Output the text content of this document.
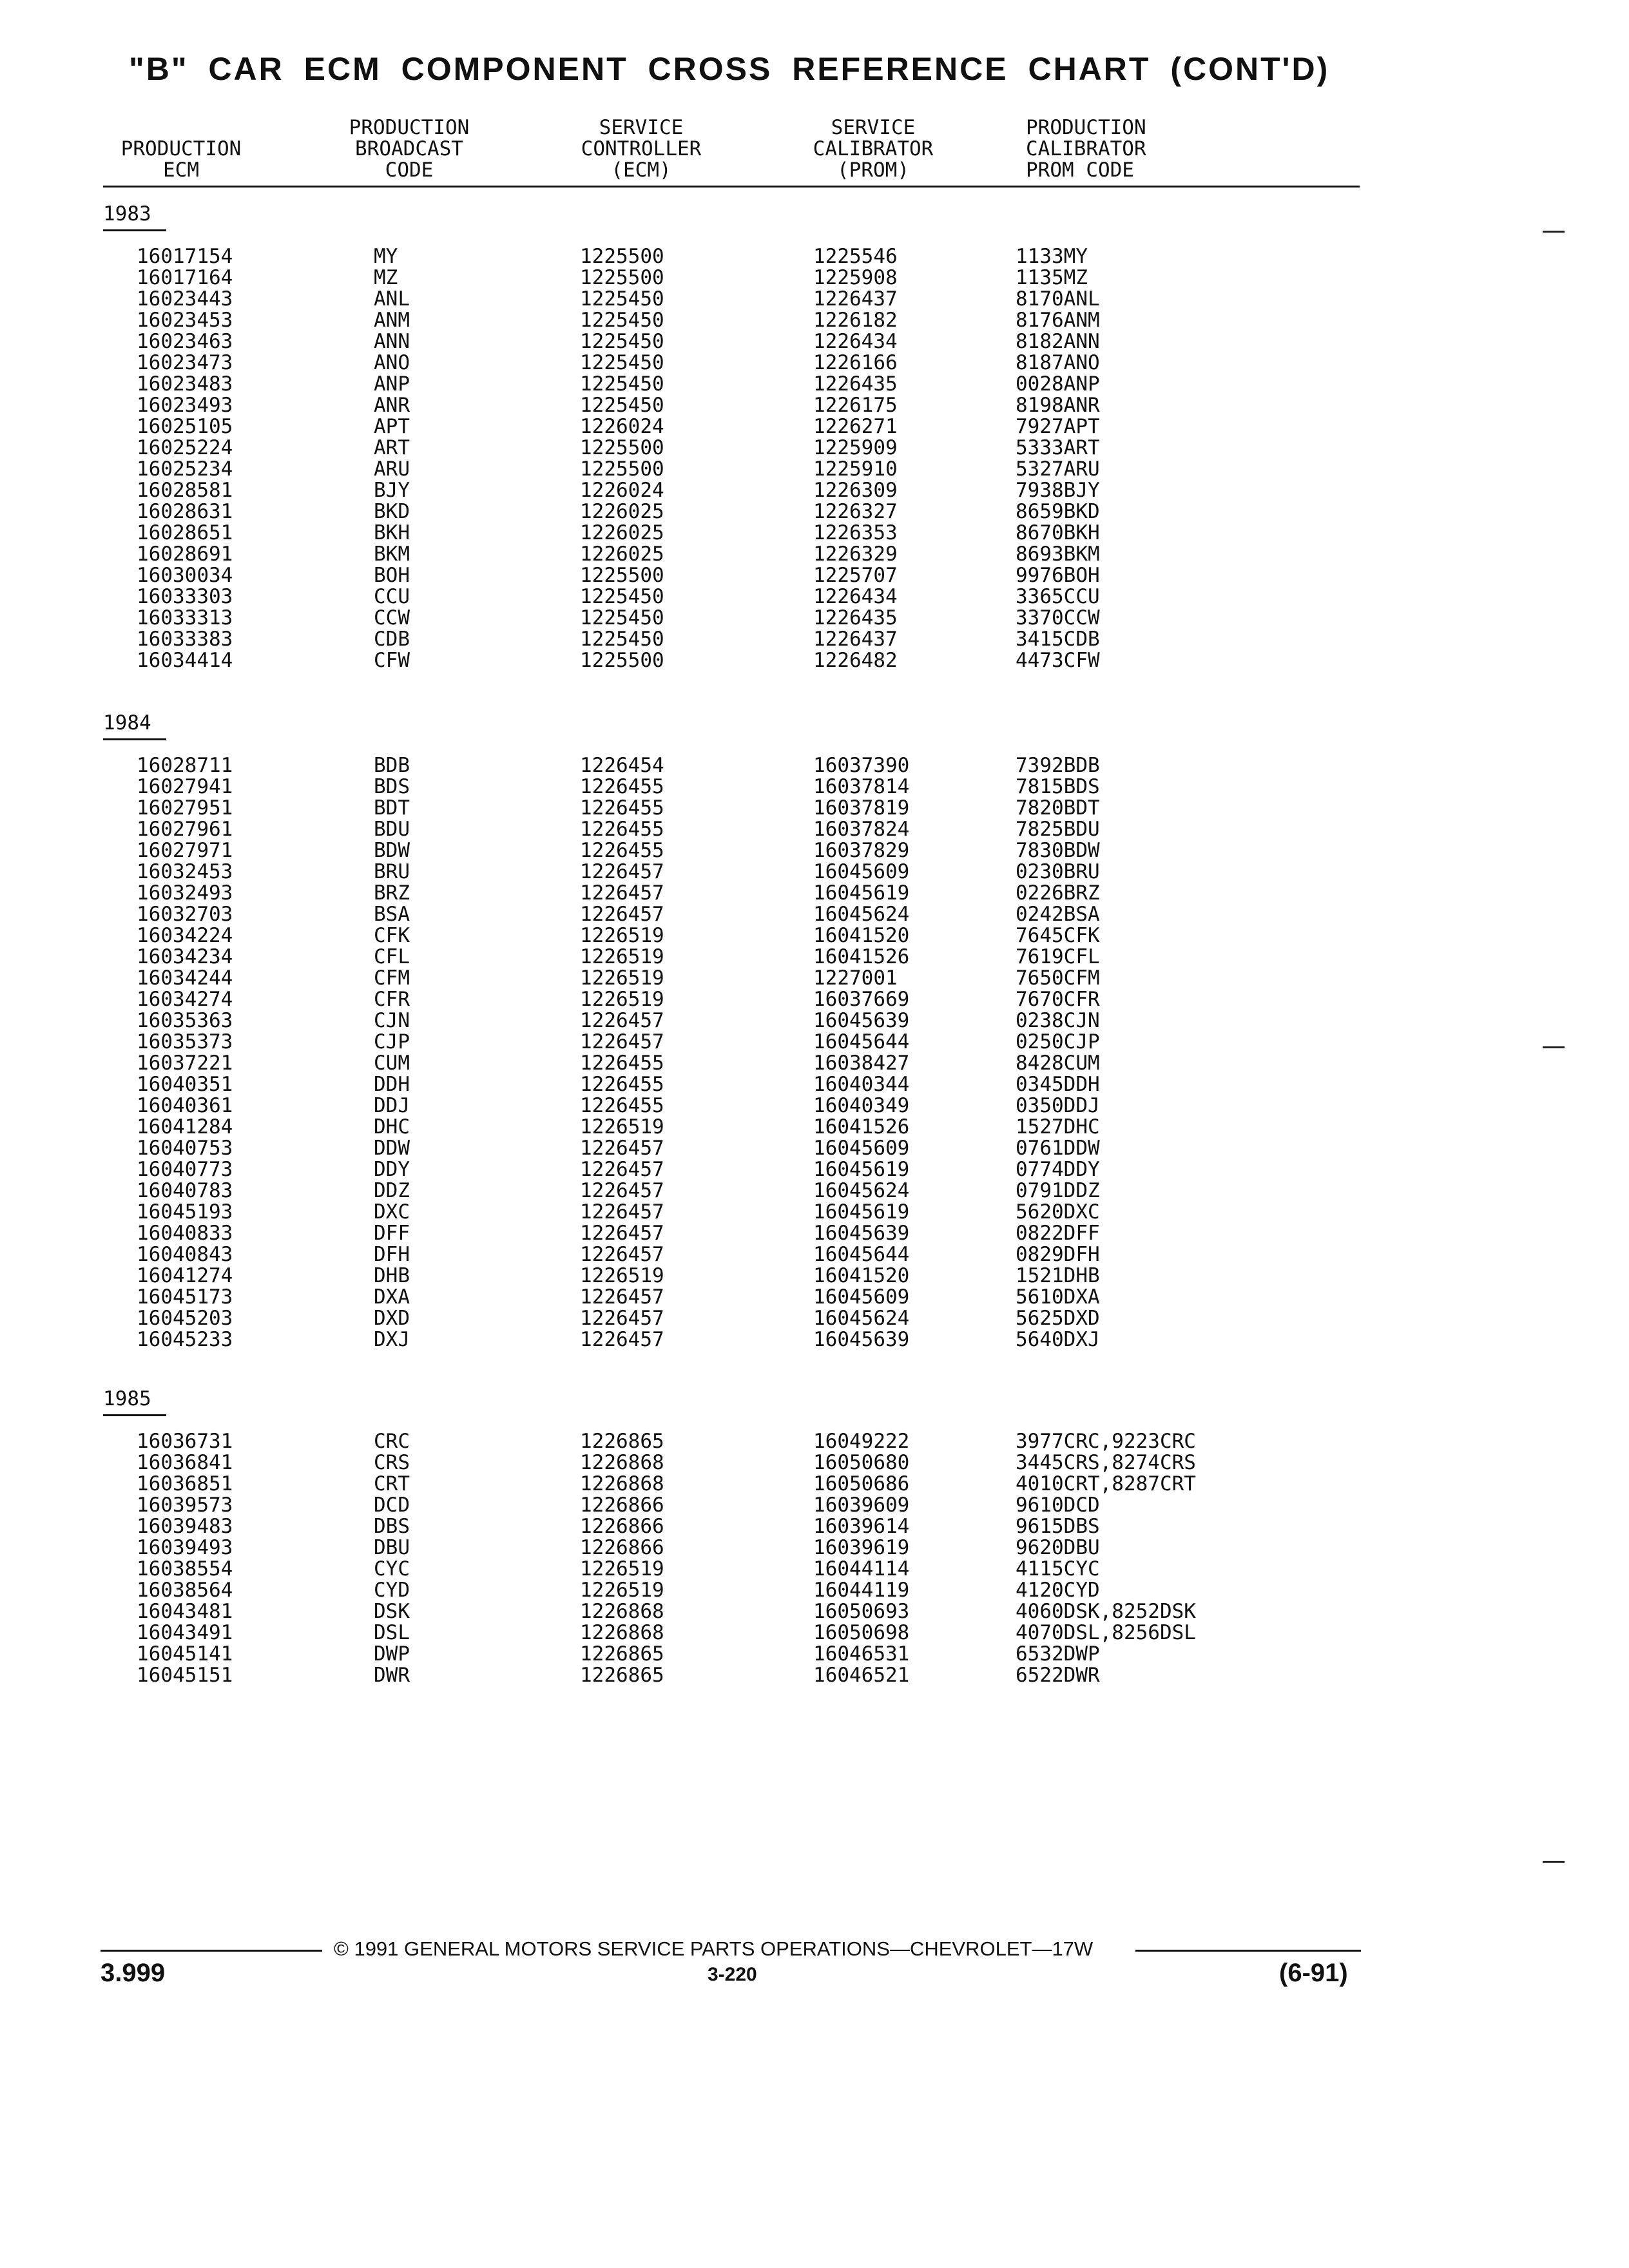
"B" CAR ECM COMPONENT CROSS REFERENCE CHART (CONT'D)
PRODUCTION
ECM
PRODUCTION
BROADCAST
CODE
SERVICE
CONTROLLER
(ECM)
SERVICE
CALIBRATOR
(PROM)
PRODUCTION
CALIBRATOR
PROM CODE
1983
16017154	MY	1225500	1225546	1133MY
16017164	MZ	1225500	1225908	1135MZ
16023443	ANL	1225450	1226437	8170ANL
16023453	ANM	1225450	1226182	8176ANM
16023463	ANN	1225450	1226434	8182ANN
16023473	ANO	1225450	1226166	8187ANO
16023483	ANP	1225450	1226435	0028ANP
16023493	ANR	1225450	1226175	8198ANR
16025105	APT	1226024	1226271	7927APT
16025224	ART	1225500	1225909	5333ART
16025234	ARU	1225500	1225910	5327ARU
16028581	BJY	1226024	1226309	7938BJY
16028631	BKD	1226025	1226327	8659BKD
16028651	BKH	1226025	1226353	8670BKH
16028691	BKM	1226025	1226329	8693BKM
16030034	BOH	1225500	1225707	9976BOH
16033303	CCU	1225450	1226434	3365CCU
16033313	CCW	1225450	1226435	3370CCW
16033383	CDB	1225450	1226437	3415CDB
16034414	CFW	1225500	1226482	4473CFW
1984
16028711	BDB	1226454	16037390	7392BDB
16027941	BDS	1226455	16037814	7815BDS
16027951	BDT	1226455	16037819	7820BDT
16027961	BDU	1226455	16037824	7825BDU
16027971	BDW	1226455	16037829	7830BDW
16032453	BRU	1226457	16045609	0230BRU
16032493	BRZ	1226457	16045619	0226BRZ
16032703	BSA	1226457	16045624	0242BSA
16034224	CFK	1226519	16041520	7645CFK
16034234	CFL	1226519	16041526	7619CFL
16034244	CFM	1226519	1227001	7650CFM
16034274	CFR	1226519	16037669	7670CFR
16035363	CJN	1226457	16045639	0238CJN
16035373	CJP	1226457	16045644	0250CJP
16037221	CUM	1226455	16038427	8428CUM
16040351	DDH	1226455	16040344	0345DDH
16040361	DDJ	1226455	16040349	0350DDJ
16041284	DHC	1226519	16041526	1527DHC
16040753	DDW	1226457	16045609	0761DDW
16040773	DDY	1226457	16045619	0774DDY
16040783	DDZ	1226457	16045624	0791DDZ
16045193	DXC	1226457	16045619	5620DXC
16040833	DFF	1226457	16045639	0822DFF
16040843	DFH	1226457	16045644	0829DFH
16041274	DHB	1226519	16041520	1521DHB
16045173	DXA	1226457	16045609	5610DXA
16045203	DXD	1226457	16045624	5625DXD
16045233	DXJ	1226457	16045639	5640DXJ
1985
16036731	CRC	1226865	16049222	3977CRC,9223CRC
16036841	CRS	1226868	16050680	3445CRS,8274CRS
16036851	CRT	1226868	16050686	4010CRT,8287CRT
16039573	DCD	1226866	16039609	9610DCD
16039483	DBS	1226866	16039614	9615DBS
16039493	DBU	1226866	16039619	9620DBU
16038554	CYC	1226519	16044114	4115CYC
16038564	CYD	1226519	16044119	4120CYD
16043481	DSK	1226868	16050693	4060DSK,8252DSK
16043491	DSL	1226868	16050698	4070DSL,8256DSL
16045141	DWP	1226865	16046531	6532DWP
16045151	DWR	1226865	16046521	6522DWR
© 1991 GENERAL MOTORS SERVICE PARTS OPERATIONS—CHEVROLET—17W
3.999	3-220	(6-91)
